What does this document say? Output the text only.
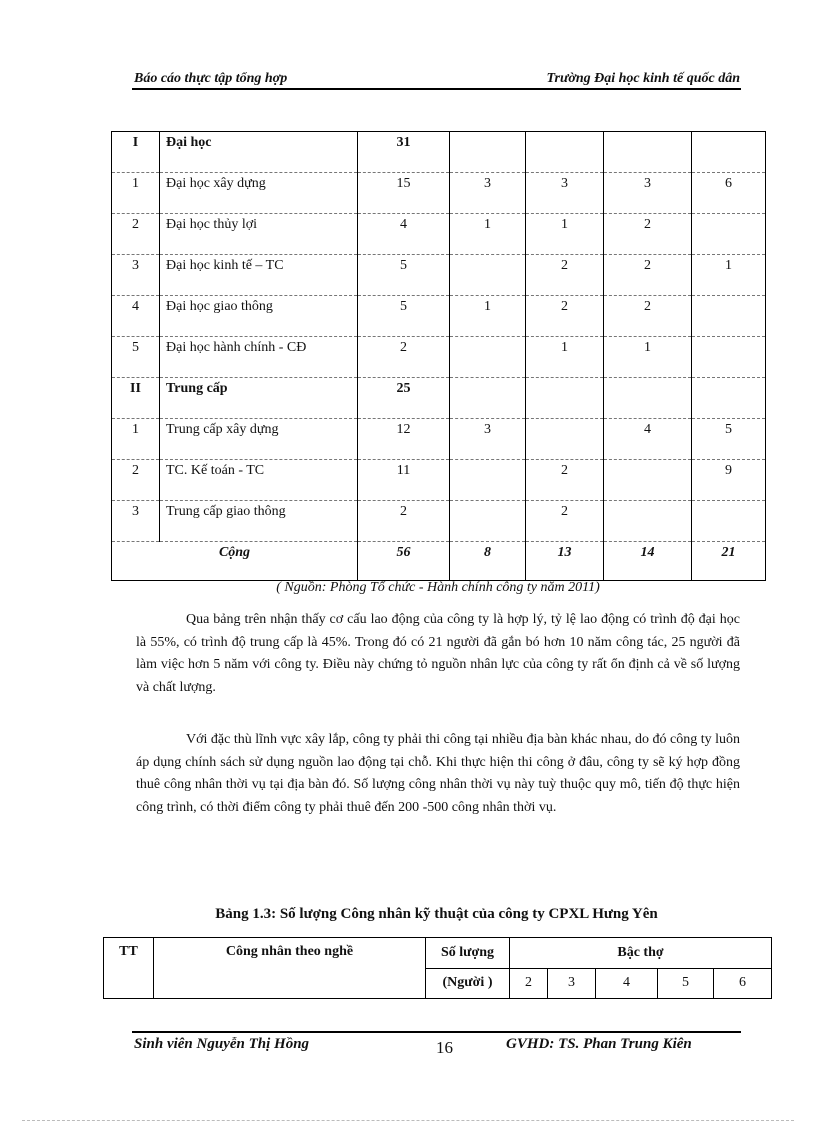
Báo cáo thực tập tổng hợp	Trường Đại học kinh tế quốc dân
I	Đại học	31				

1	Đại học xây dựng	15	3	3	3	6

2	Đại học thủy lợi	4	1	1	2	

3	Đại học kinh tế – TC	5		2	2	1

4	Đại học giao thông	5	1	2	2	

5	Đại học hành chính - CĐ	2		1	1	

II	Trung cấp	25				

1	Trung cấp xây dựng	12	3		4	5

2	TC. Kế toán - TC	11		2		9

3	Trung cấp giao thông	2		2		

Cộng		56	8	13	14	21
( Nguồn: Phòng Tổ chức - Hành chính công ty năm 2011)
Qua bảng trên nhận thấy cơ cấu lao động của công ty là hợp lý, tỷ lệ lao động có trình độ đại học là 55%, có trình độ trung cấp là 45%. Trong đó có 21 người đã gắn bó hơn 10 năm công tác, 25 người đã làm việc hơn 5 năm với công ty. Điều này chứng tỏ nguồn nhân lực của công ty rất ổn định cả về số lượng và chất lượng.
Với đặc thù lĩnh vực xây lắp, công ty phải thi công tại nhiều địa bàn khác nhau, do đó công ty luôn áp dụng chính sách sử dụng nguồn lao động tại chỗ. Khi thực hiện thi công ở đâu, công ty sẽ ký hợp đồng thuê công nhân thời vụ tại địa bàn đó. Số lượng công nhân thời vụ này tuỳ thuộc quy mô, tiến độ thực hiện công trình, có thời điểm công ty phải thuê đến 200 -500 công nhân thời vụ.
Bảng 1.3: Số lượng Công nhân kỹ thuật của công ty CPXL Hưng Yên
TT	Công nhân theo nghề	Số lượng	Bậc thợ				
		(Người )	2	3	4	5	6
Sinh viên Nguyễn Thị Hồng	16	GVHD: TS. Phan Trung Kiên
